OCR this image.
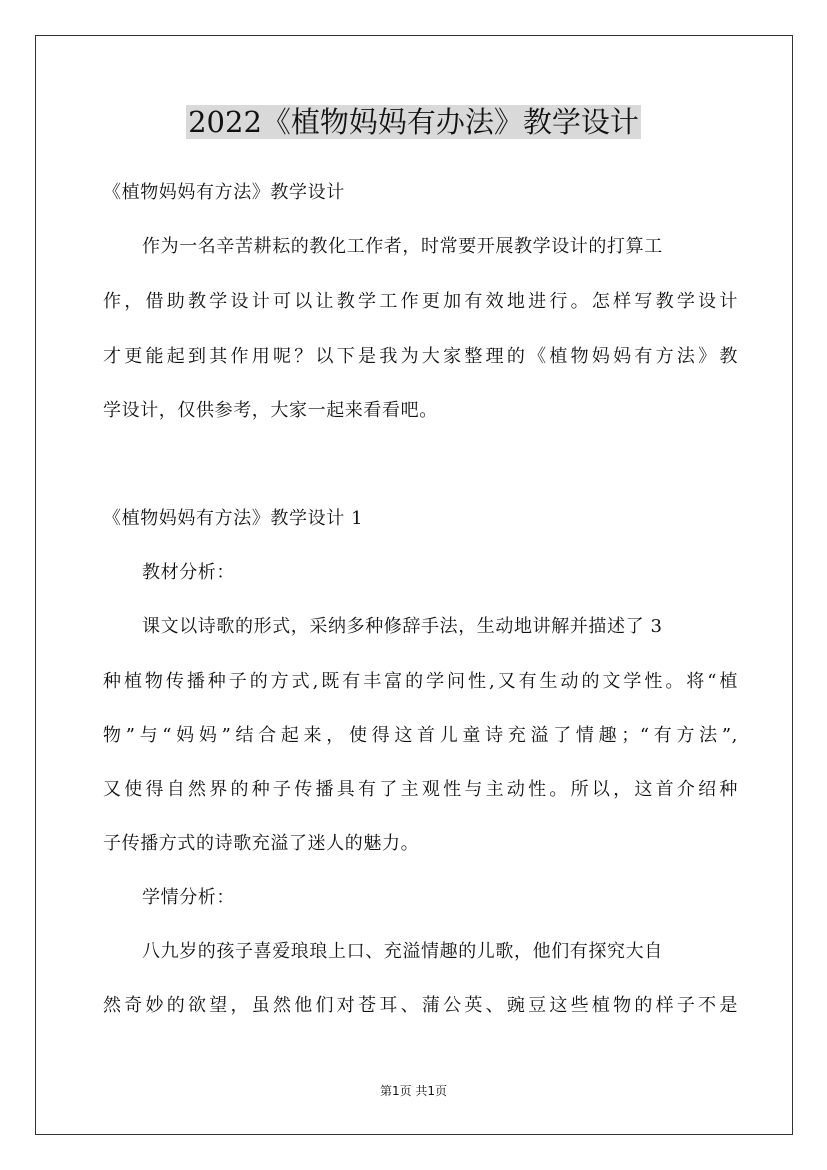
2022《植物妈妈有办法》教学设计
《植物妈妈有方法》教学设计
作为一名辛苦耕耘的教化工作者，时常要开展教学设计的打算工
作，借助教学设计可以让教学工作更加有效地进行。怎样写教学设计
才更能起到其作用呢？以下是我为大家整理的《植物妈妈有方法》教
学设计，仅供参考，大家一起来看看吧。
《植物妈妈有方法》教学设计 1
教材分析：
课文以诗歌的形式，采纳多种修辞手法，生动地讲解并描述了 3
种植物传播种子的方式,既有丰富的学问性,又有生动的文学性。将“植
物”与“妈妈”结合起来，使得这首儿童诗充溢了情趣；“有方法”,
又使得自然界的种子传播具有了主观性与主动性。所以，这首介绍种
子传播方式的诗歌充溢了迷人的魅力。
学情分析：
八九岁的孩子喜爱琅琅上口、充溢情趣的儿歌，他们有探究大自
然奇妙的欲望，虽然他们对苍耳、蒲公英、豌豆这些植物的样子不是
第1页 共1页
